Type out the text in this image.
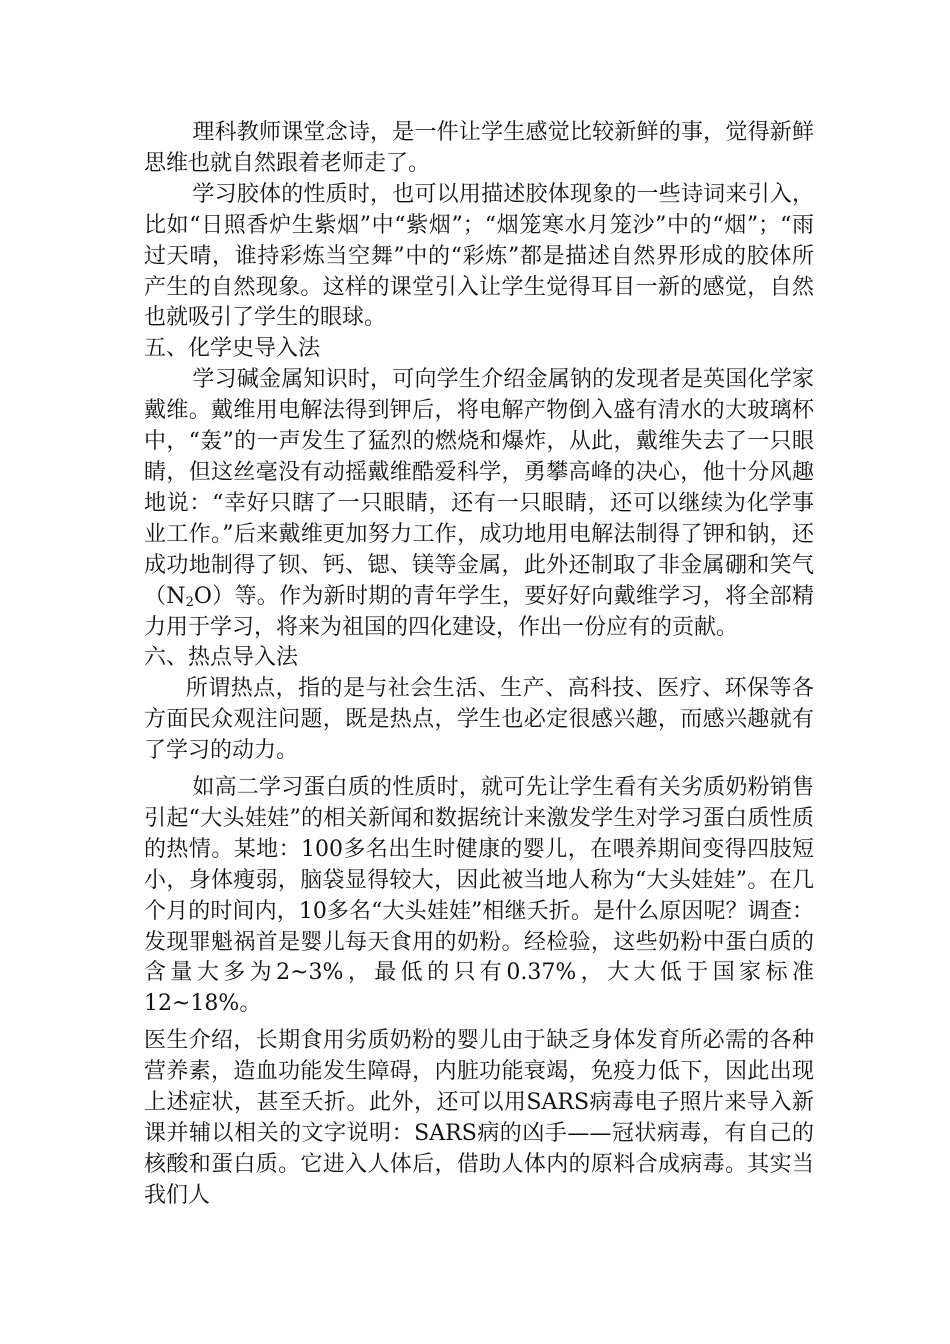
理科教师课堂念诗，是一件让学生感觉比较新鲜的事，觉得新鲜思维也就自然跟着老师走了。

学习胶体的性质时，也可以用描述胶体现象的一些诗词来引入，比如“日照香炉生紫烟”中“紫烟”；“烟笼寒水月笼沙”中的“烟”；“雨过天晴，谁持彩炼当空舞”中的“彩炼”都是描述自然界形成的胶体所产生的自然现象。这样的课堂引入让学生觉得耳目一新的感觉，自然也就吸引了学生的眼球。

五、化学史导入法

学习碱金属知识时，可向学生介绍金属钠的发现者是英国化学家戴维。戴维用电解法得到钾后，将电解产物倒入盛有清水的大玻璃杯中，“轰”的一声发生了猛烈的燃烧和爆炸，从此，戴维失去了一只眼睛，但这丝毫没有动摇戴维酷爱科学，勇攀高峰的决心，他十分风趣地说：“幸好只瞎了一只眼睛，还有一只眼睛，还可以继续为化学事业工作。”后来戴维更加努力工作，成功地用电解法制得了钾和钠，还成功地制得了钡、钙、锶、镁等金属，此外还制取了非金属硼和笑气$(N_2O)$等。作为新时期的青年学生，要好好向戴维学习，将全部精力用于学习，将来为祖国的四化建设，作出一份应有的贡献。

六、热点导入法

所谓热点，指的是与社会生活、生产、高科技、医疗、环保等各方面民众观注问题，既是热点，学生也必定很感兴趣，而感兴趣就有了学习的动力。

如高二学习蛋白质的性质时，就可先让学生看有关劣质奶粉销售引起“大头娃娃”的相关新闻和数据统计来激发学生对学习蛋白质性质的热情。某地：100多名出生时健康的婴儿，在喂养期间变得四肢短小，身体瘦弱，脑袋显得较大，因此被当地人称为“大头娃娃”。在几个月的时间内，10多名“大头娃娃”相继夭折。是什么原因呢？调查：发现罪魁祸首是婴儿每天食用的奶粉。经检验，这些奶粉中蛋白质的含量大多为2~3%，最低的只有0.37%，大大低于国家标准12~18%。

医生介绍，长期食用劣质奶粉的婴儿由于缺乏身体发育所必需的各种营养素，造血功能发生障碍，内脏功能衰竭，免疫力低下，因此出现上述症状，甚至夭折。此外，还可以用SARS病毒电子照片来导入新课并辅以相关的文字说明：SARS病的凶手——冠状病毒，有自己的核酸和蛋白质。它进入人体后，借助人体内的原料合成病毒。其实当我们人
